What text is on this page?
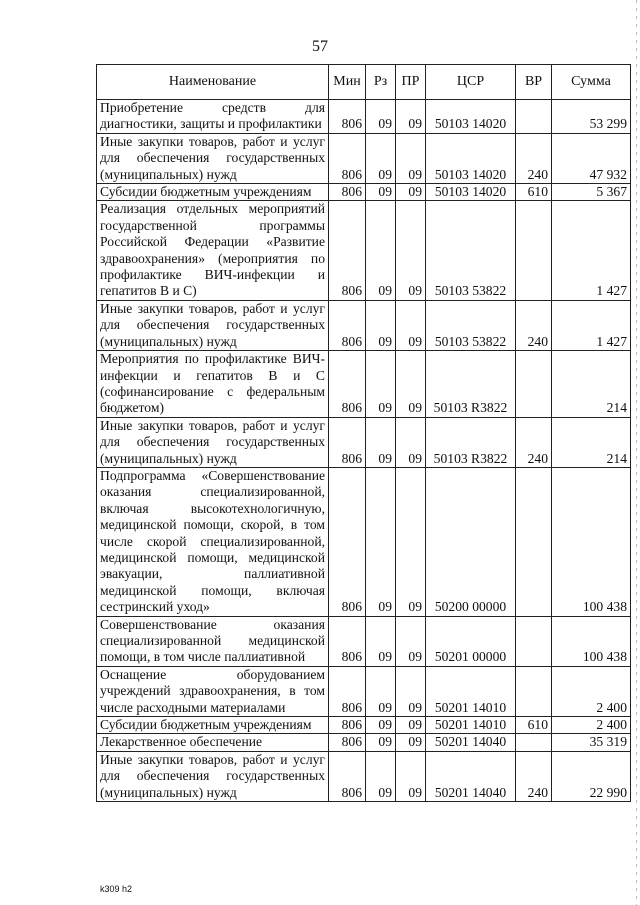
57
Наименование	Мин	Рз	ПР	ЦСР	ВР	Сумма
Приобретение средств для диагностики, защиты и профилактики	806	09	09	50103 14020		53 299
Иные закупки товаров, работ и услуг для обеспечения государственных (муниципальных) нужд	806	09	09	50103 14020	240	47 932
Субсидии бюджетным учреждениям	806	09	09	50103 14020	610	5 367
Реализация отдельных мероприятий государственной программы Российской Федерации «Развитие здравоохранения» (мероприятия по профилактике ВИЧ-инфекции и гепатитов В и С)	806	09	09	50103 53822		1 427
Иные закупки товаров, работ и услуг для обеспечения государственных (муниципальных) нужд	806	09	09	50103 53822	240	1 427
Мероприятия по профилактике ВИЧ-инфекции и гепатитов В и С (софинансирование с федеральным бюджетом)	806	09	09	50103 R3822		214
Иные закупки товаров, работ и услуг для обеспечения государственных (муниципальных) нужд	806	09	09	50103 R3822	240	214
Подпрограмма «Совершенствование оказания специализированной, включая высокотехнологичную, медицинской помощи, скорой, в том числе скорой специализированной, медицинской помощи, медицинской эвакуации, паллиативной медицинской помощи, включая сестринский уход»	806	09	09	50200 00000		100 438
Совершенствование оказания специализированной медицинской помощи, в том числе паллиативной	806	09	09	50201 00000		100 438
Оснащение оборудованием учреждений здравоохранения, в том числе расходными материалами	806	09	09	50201 14010		2 400
Субсидии бюджетным учреждениям	806	09	09	50201 14010	610	2 400
Лекарственное обеспечение	806	09	09	50201 14040		35 319
Иные закупки товаров, работ и услуг для обеспечения государственных (муниципальных) нужд	806	09	09	50201 14040	240	22 990
k309 h2
